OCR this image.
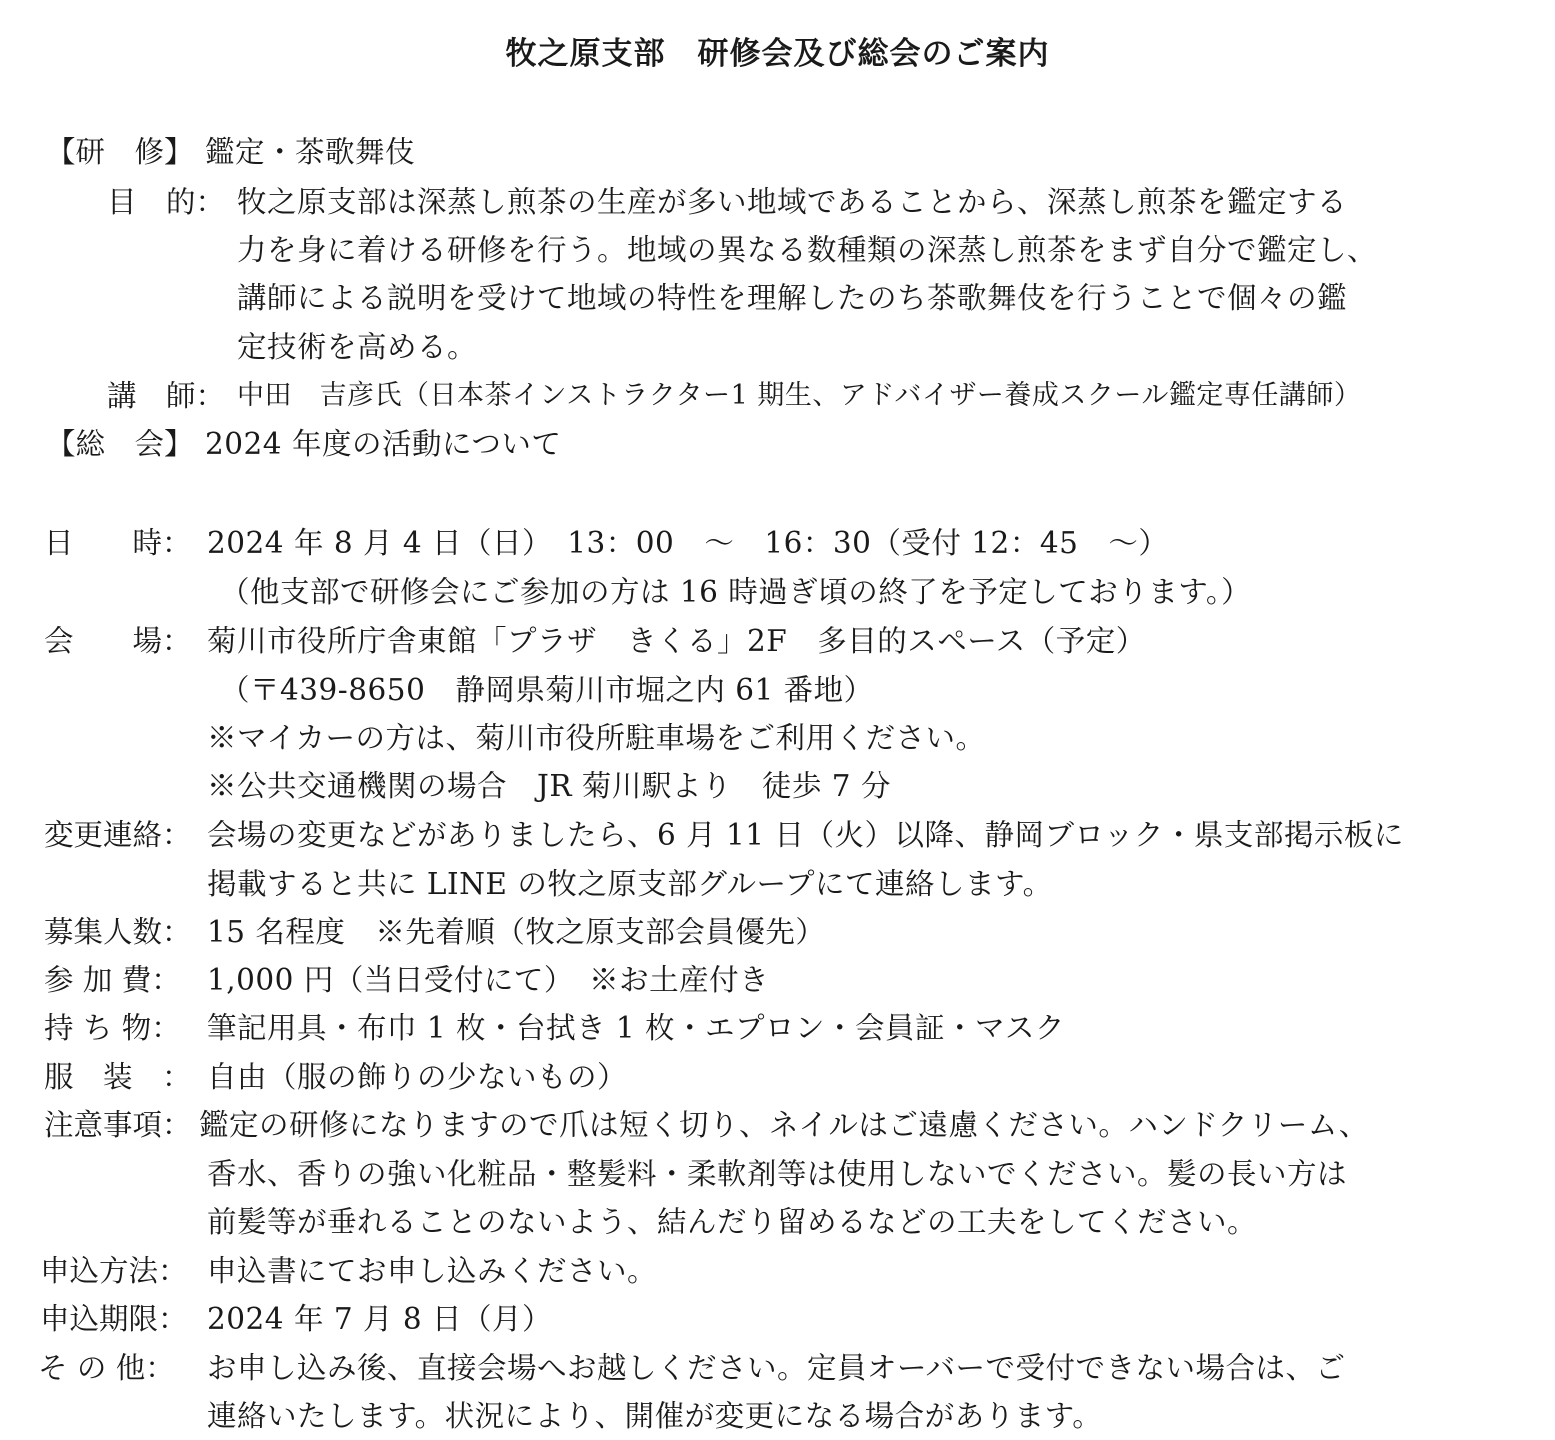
牧之原支部　研修会及び総会のご案内
【研　修】 鑑定・茶歌舞伎
目　的： 牧之原支部は深蒸し煎茶の生産が多い地域であることから、深蒸し煎茶を鑑定する
力を身に着ける研修を行う。地域の異なる数種類の深蒸し煎茶をまず自分で鑑定し、
講師による説明を受けて地域の特性を理解したのち茶歌舞伎を行うことで個々の鑑
定技術を高める。
講　師： 中田　吉彦氏（日本茶インストラクター1 期生、アドバイザー養成スクール鑑定専任講師）
【総　会】 2024 年度の活動について
日　　時： 2024 年 8 月 4 日（日）　13：00　～　16：30（受付 12：45　～）
（他支部で研修会にご参加の方は 16 時過ぎ頃の終了を予定しております。）
会　　場： 菊川市役所庁舎東館「プラザ　きくる」2F　多目的スペース（予定）
（〒439-8650　静岡県菊川市堀之内 61 番地）
※マイカーの方は、菊川市役所駐車場をご利用ください。
※公共交通機関の場合　JR 菊川駅より　徒歩 7 分
変更連絡： 会場の変更などがありましたら、6 月 11 日（火）以降、静岡ブロック・県支部掲示板に
掲載すると共に LINE の牧之原支部グループにて連絡します。
募集人数： 15 名程度　※先着順（牧之原支部会員優先）
参 加 費： 1,000 円（当日受付にて）　※お土産付き
持 ち 物： 筆記用具・布巾 1 枚・台拭き 1 枚・エプロン・会員証・マスク
服　装　： 自由（服の飾りの少ないもの）
注意事項： 鑑定の研修になりますので爪は短く切り、ネイルはご遠慮ください。ハンドクリーム、
香水、香りの強い化粧品・整髪料・柔軟剤等は使用しないでください。髪の長い方は
前髪等が垂れることのないよう、結んだり留めるなどの工夫をしてください。
申込方法： 申込書にてお申し込みください。
申込期限： 2024 年 7 月 8 日（月）
そ の 他： お申し込み後、直接会場へお越しください。定員オーバーで受付できない場合は、ご
連絡いたします。状況により、開催が変更になる場合があります。
